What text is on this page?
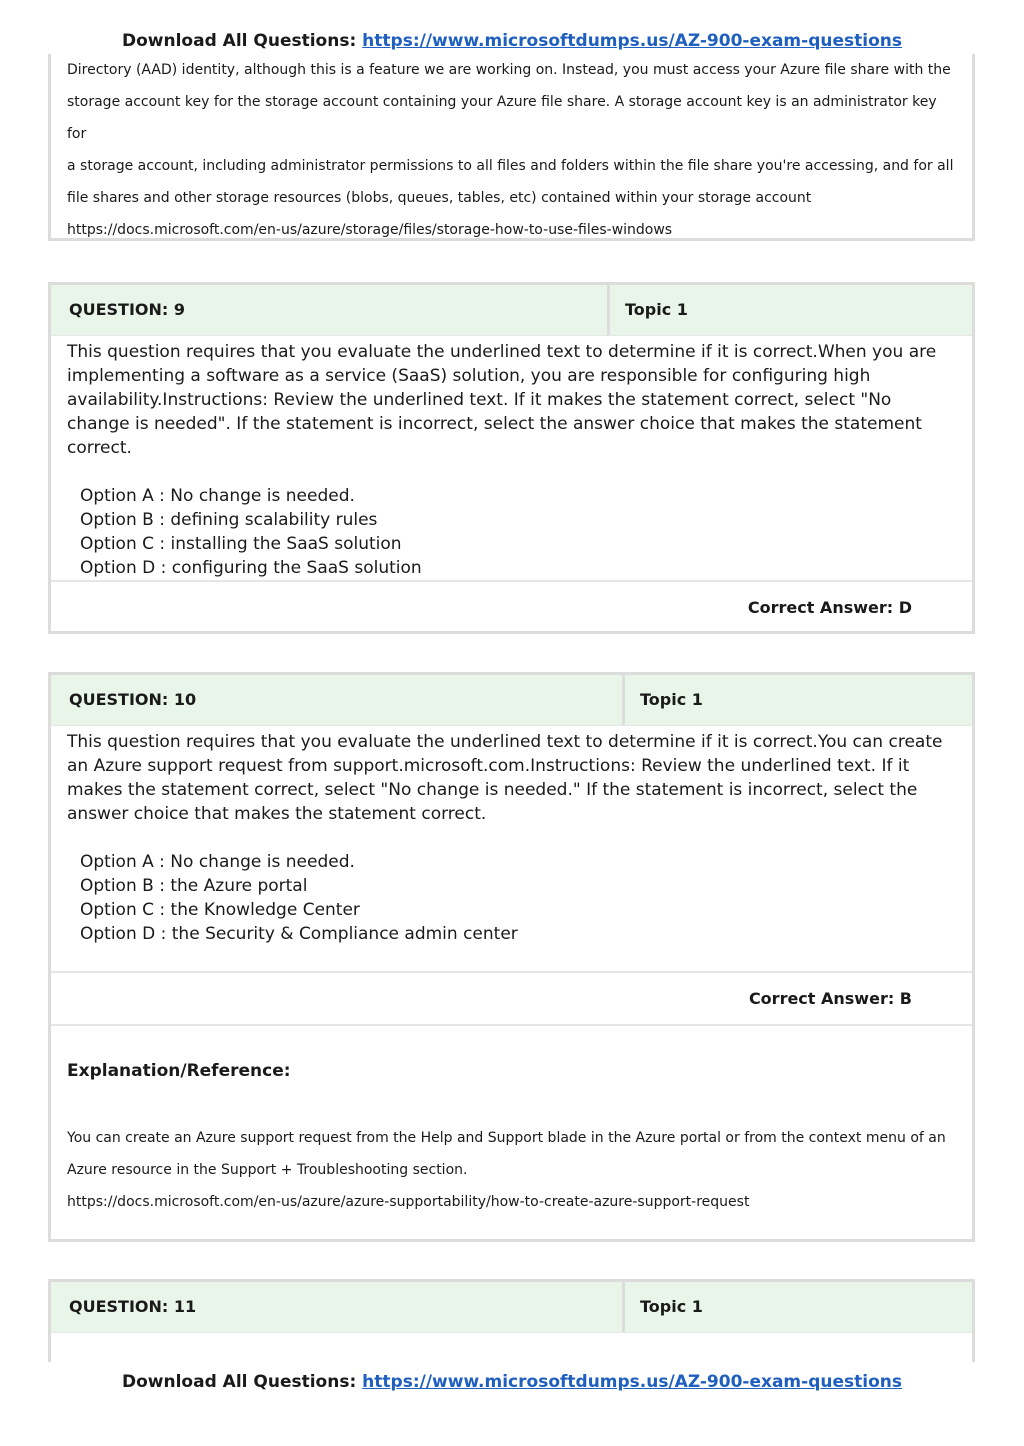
Download All Questions: https://www.microsoftdumps.us/AZ-900-exam-questions
Directory (AAD) identity, although this is a feature we are working on. Instead, you must access your Azure file share with the
storage account key for the storage account containing your Azure file share. A storage account key is an administrator key for
a storage account, including administrator permissions to all files and folders within the file share you're accessing, and for all
file shares and other storage resources (blobs, queues, tables, etc) contained within your storage account
https://docs.microsoft.com/en-us/azure/storage/files/storage-how-to-use-files-windows
QUESTION: 9	Topic 1

This question requires that you evaluate the underlined text to determine if it is correct.When you are implementing a software as a service (SaaS) solution, you are responsible for configuring high availability.Instructions: Review the underlined text. If it makes the statement correct, select "No change is needed". If the statement is incorrect, select the answer choice that makes the statement correct.

Option A : No change is needed.
Option B : defining scalability rules
Option C : installing the SaaS solution
Option D : configuring the SaaS solution
Correct Answer: D
QUESTION: 10	Topic 1

This question requires that you evaluate the underlined text to determine if it is correct.You can create an Azure support request from support.microsoft.com.Instructions: Review the underlined text. If it makes the statement correct, select "No change is needed." If the statement is incorrect, select the answer choice that makes the statement correct.

Option A : No change is needed.
Option B : the Azure portal
Option C : the Knowledge Center
Option D : the Security & Compliance admin center
Correct Answer: B
Explanation/Reference:
You can create an Azure support request from the Help and Support blade in the Azure portal or from the context menu of an
Azure resource in the Support + Troubleshooting section.
https://docs.microsoft.com/en-us/azure/azure-supportability/how-to-create-azure-support-request
QUESTION: 11	Topic 1
Download All Questions: https://www.microsoftdumps.us/AZ-900-exam-questions
